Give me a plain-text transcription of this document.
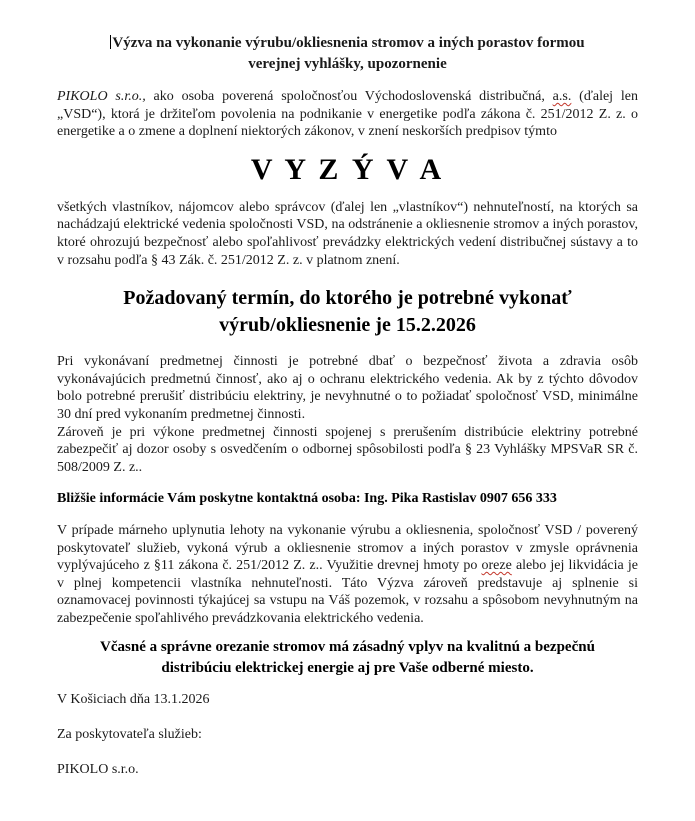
Výzva na vykonanie výrubu/okliesnenia stromov a iných porastov formou
verejnej vyhlášky, upozornenie

PIKOLO s.r.o., ako osoba poverená spoločnosťou Východoslovenská distribučná, a.s. (ďalej len „VSD“), ktorá je držiteľom povolenia na podnikanie v energetike podľa zákona č. 251/2012 Z. z. o energetike a o zmene a doplnení niektorých zákonov, v znení neskorších predpisov týmto

V Y Z Ý V A

všetkých vlastníkov, nájomcov alebo správcov (ďalej len „vlastníkov“) nehnuteľností, na ktorých sa nachádzajú elektrické vedenia spoločnosti VSD, na odstránenie a okliesnenie stromov a iných porastov, ktoré ohrozujú bezpečnosť alebo spoľahlivosť prevádzky elektrických vedení distribučnej sústavy a to v rozsahu podľa § 43 Zák. č. 251/2012 Z. z. v platnom znení.

Požadovaný termín, do ktorého je potrebné vykonať
výrub/okliesnenie je 15.2.2026

Pri vykonávaní predmetnej činnosti je potrebné dbať o bezpečnosť života a zdravia osôb vykonávajúcich predmetnú činnosť, ako aj o ochranu elektrického vedenia. Ak by z týchto dôvodov bolo potrebné prerušiť distribúciu elektriny, je nevyhnutné o to požiadať spoločnosť VSD, minimálne 30 dní pred vykonaním predmetnej činnosti.

Zároveň je pri výkone predmetnej činnosti spojenej s prerušením distribúcie elektriny potrebné zabezpečiť aj dozor osoby s osvedčením o odbornej spôsobilosti podľa § 23 Vyhlášky MPSVaR SR č. 508/2009 Z. z..

Bližšie informácie Vám poskytne kontaktná osoba: Ing. Pika Rastislav 0907 656 333

V prípade márneho uplynutia lehoty na vykonanie výrubu a okliesnenia, spoločnosť VSD / poverený poskytovateľ služieb, vykoná výrub a okliesnenie stromov a iných porastov v zmysle oprávnenia vyplývajúceho z §11 zákona č. 251/2012 Z. z.. Využitie drevnej hmoty po oreze alebo jej likvidácia je v plnej kompetencii vlastníka nehnuteľnosti. Táto Výzva zároveň predstavuje aj splnenie si oznamovacej povinnosti týkajúcej sa vstupu na Váš pozemok, v rozsahu a spôsobom nevyhnutným na zabezpečenie spoľahlivého prevádzkovania elektrického vedenia.

Včasné a správne orezanie stromov má zásadný vplyv na kvalitnú a bezpečnú
distribúciu elektrickej energie aj pre Vaše odberné miesto.
V Košiciach dňa 13.1.2026
Za poskytovateľa služieb:
PIKOLO s.r.o.
